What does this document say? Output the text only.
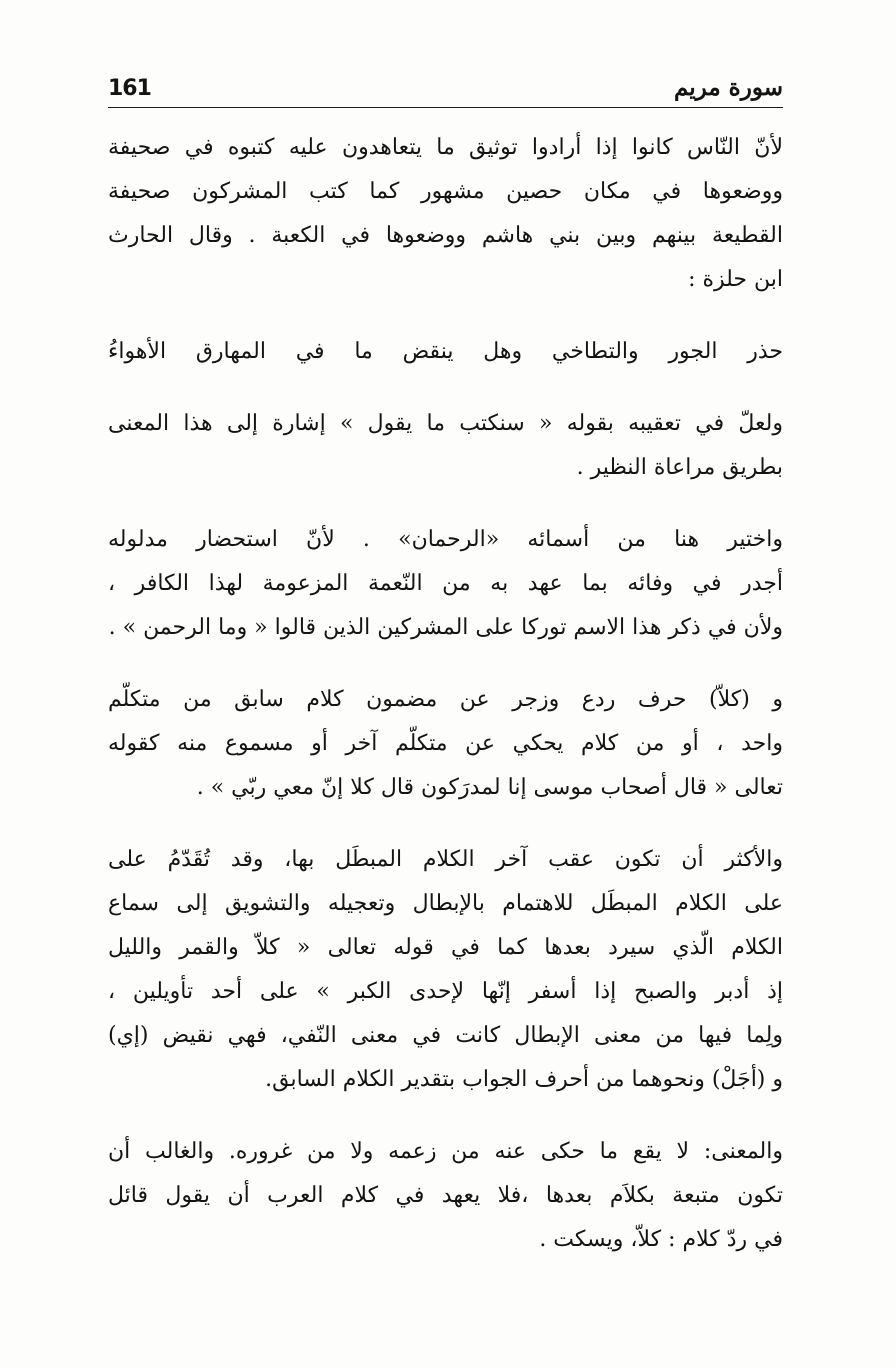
161	سورة مريم
لأنّ النّاس كانوا إذا أرادوا توثيق ما يتعاهدون عليه كتبوه في صحيفة
ووضعوها في مكان حصين مشهور كما كتب المشركون صحيفة
القطيعة بينهم وبين بني هاشم ووضعوها في الكعبة . وقال الحارث
ابن حلزة :
حذر الجور والتطاخي وهل ينقض ما في المهارق الأهواءُ
ولعلّ في تعقيبه بقوله « سنكتب ما يقول » إشارة إلى هذا المعنى
بطريق مراعاة النظير .
واختير هنا من أسمائه «الرحمان» . لأنّ استحضار مدلوله
أجدر في وفائه بما عهد به من النّعمة المزعومة لهذا الكافر ،
ولأن في ذكر هذا الاسم توركا على المشركين الذين قالوا « وما الرحمن » .
و (كلاّ) حرف ردع وزجر عن مضمون كلام سابق من متكلّم
واحد ، أو من كلام يحكي عن متكلّم آخر أو مسموع منه كقوله
تعالى « قال أصحاب موسى إنا لمدرَكون قال كلا إنّ معي ربّي » .
والأكثر أن تكون عقب آخر الكلام المبطَل بها، وقد تُقَدّمُ على
على الكلام المبطَل للاهتمام بالإبطال وتعجيله والتشويق إلى سماع
الكلام الّذي سيرد بعدها كما في قوله تعالى « كلاّ والقمر والليل
إذ أدبر والصبح إذا أسفر إنّها لإحدى الكبر » على أحد تأويلين ،
ولِما فيها من معنى الإبطال كانت في معنى النّفي، فهي نقيض (إي)
و (أجَلْ) ونحوهما من أحرف الجواب بتقدير الكلام السابق.
والمعنى: لا يقع ما حكى عنه من زعمه ولا من غروره. والغالب أن
تكون متبعة بكلاَم بعدها ،فلا يعهد في كلام العرب أن يقول قائل
في ردّ كلام : كلاّ، ويسكت .
